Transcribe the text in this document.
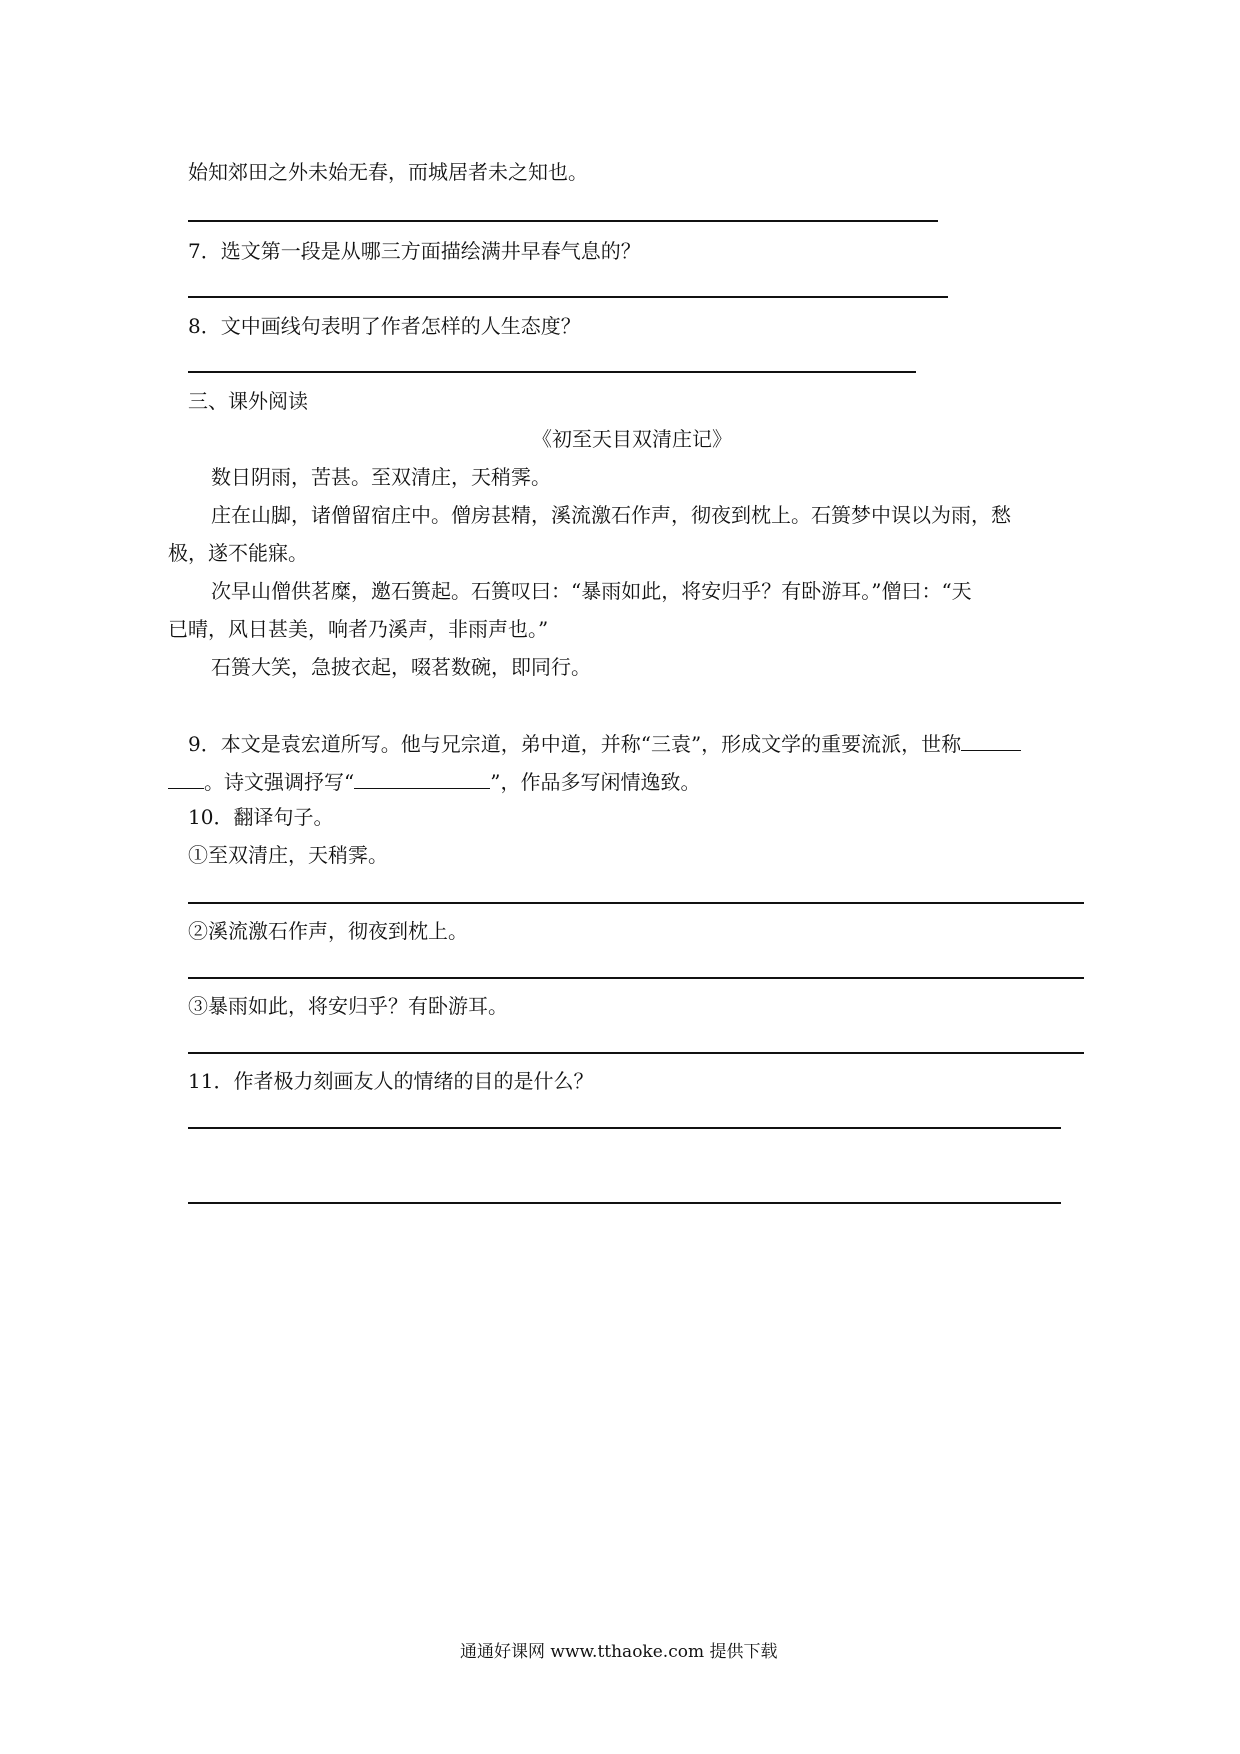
始知郊田之外未始无春，而城居者未之知也。
7．选文第一段是从哪三方面描绘满井早春气息的？
8．文中画线句表明了作者怎样的人生态度？
三、课外阅读
《初至天目双清庄记》
数日阴雨，苦甚。至双清庄，天稍霁。
庄在山脚，诸僧留宿庄中。僧房甚精，溪流激石作声，彻夜到枕上。石篑梦中误以为雨，愁
极，遂不能寐。
次早山僧供茗糜，邀石篑起。石篑叹曰：“暴雨如此，将安归乎？有卧游耳。”僧曰：“天
已晴，风日甚美，响者乃溪声，非雨声也。”
石篑大笑，急披衣起，啜茗数碗，即同行。
9．本文是袁宏道所写。他与兄宗道，弟中道，并称“三袁”，形成文学的重要流派，世称
。诗文强调抒写“	”，作品多写闲情逸致。
10．翻译句子。
①至双清庄，天稍霁。
②溪流激石作声，彻夜到枕上。
③暴雨如此，将安归乎？有卧游耳。
11．作者极力刻画友人的情绪的目的是什么？
通通好课网 www.tthaoke.com 提供下载
